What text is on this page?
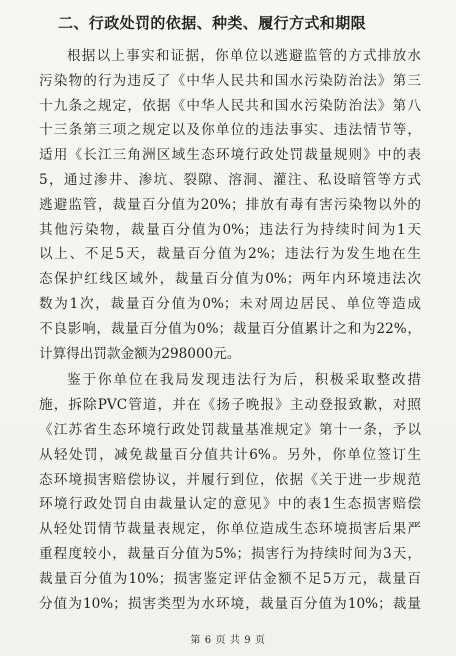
二、行政处罚的依据、种类、履行方式和期限
根据以上事实和证据，你单位以逃避监管的方式排放水
污染物的行为违反了《中华人民共和国水污染防治法》第三
十九条之规定，依据《中华人民共和国水污染防治法》第八
十三条第三项之规定以及你单位的违法事实、违法情节等，
适用《长江三角洲区域生态环境行政处罚裁量规则》中的表
5，通过渗井、渗坑、裂隙、溶洞、灌注、私设暗管等方式
逃避监管，裁量百分值为20%；排放有毒有害污染物以外的
其他污染物，裁量百分值为0%；违法行为持续时间为1天
以上、不足5天，裁量百分值为2%；违法行为发生地在生
态保护红线区域外，裁量百分值为0%；两年内环境违法次
数为1次，裁量百分值为0%；未对周边居民、单位等造成
不良影响，裁量百分值为0%；裁量百分值累计之和为22%，
计算得出罚款金额为298000元。
鉴于你单位在我局发现违法行为后，积极采取整改措
施，拆除PVC管道，并在《扬子晚报》主动登报致歉，对照
《江苏省生态环境行政处罚裁量基准规定》第十一条，予以
从轻处罚，减免裁量百分值共计6%。另外，你单位签订生
态环境损害赔偿协议，并履行到位，依据《关于进一步规范
环境行政处罚自由裁量认定的意见》中的表1生态损害赔偿
从轻处罚情节裁量表规定，你单位造成生态环境损害后果严
重程度较小，裁量百分值为5%；损害行为持续时间为3天，
裁量百分值为10%；损害鉴定评估金额不足5万元，裁量百
分值为10%；损害类型为水环境，裁量百分值为10%；裁量
第 6 页 共 9 页
